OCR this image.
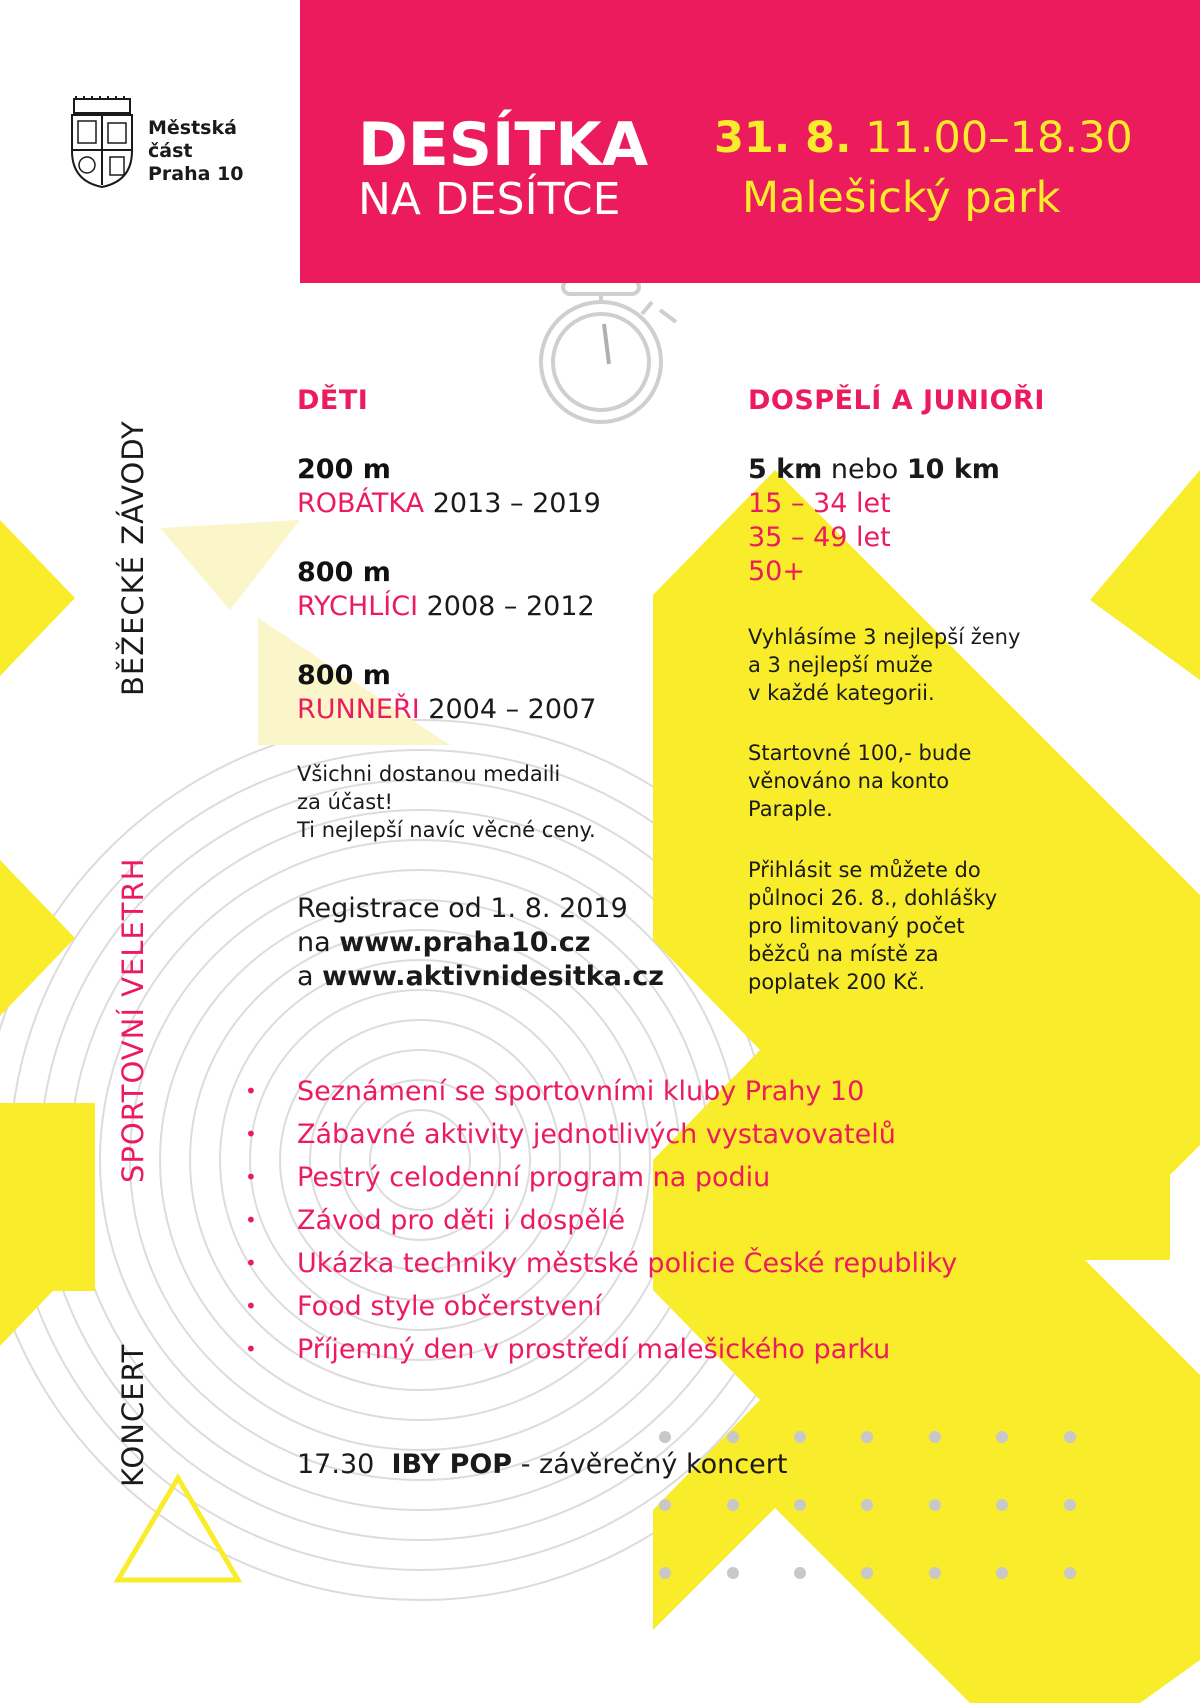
Městská
část
Praha 10 DESÍTKA
NA DESÍTCE
31. 8. 11.00–18.30
Malešický park
BĚŽECKÉ ZÁVODY
SPORTOVNÍ VELETRH
KONCERT
DĚTI
200 m
ROBÁTKA 2013 – 2019
800 m
RYCHLÍCI 2008 – 2012
800 m
RUNNEŘI 2004 – 2007
Všichni dostanou medaili
za účast!
Ti nejlepší navíc věcné ceny.
Registrace od 1. 8. 2019
na www.praha10.cz
a www.aktivnidesitka.cz
DOSPĚLÍ A JUNIOŘI
5 km nebo 10 km
15 – 34 let
35 – 49 let
50+
Vyhlásíme 3 nejlepší ženy
a 3 nejlepší muže
v každé kategorii.
Startovné 100,- bude
věnováno na konto
Paraple.
Přihlásit se můžete do
půlnoci 26. 8., dohlášky
pro limitovaný počet
běžců na místě za
poplatek 200 Kč.
• Seznámení se sportovními kluby Prahy 10
• Zábavné aktivity jednotlivých vystavovatelů
• Pestrý celodenní program na podiu
• Závod pro děti i dospělé
• Ukázka techniky městské policie České republiky
• Food style občerstvení
• Příjemný den v prostředí malešického parku
17.30 IBY POP - závěrečný koncert
